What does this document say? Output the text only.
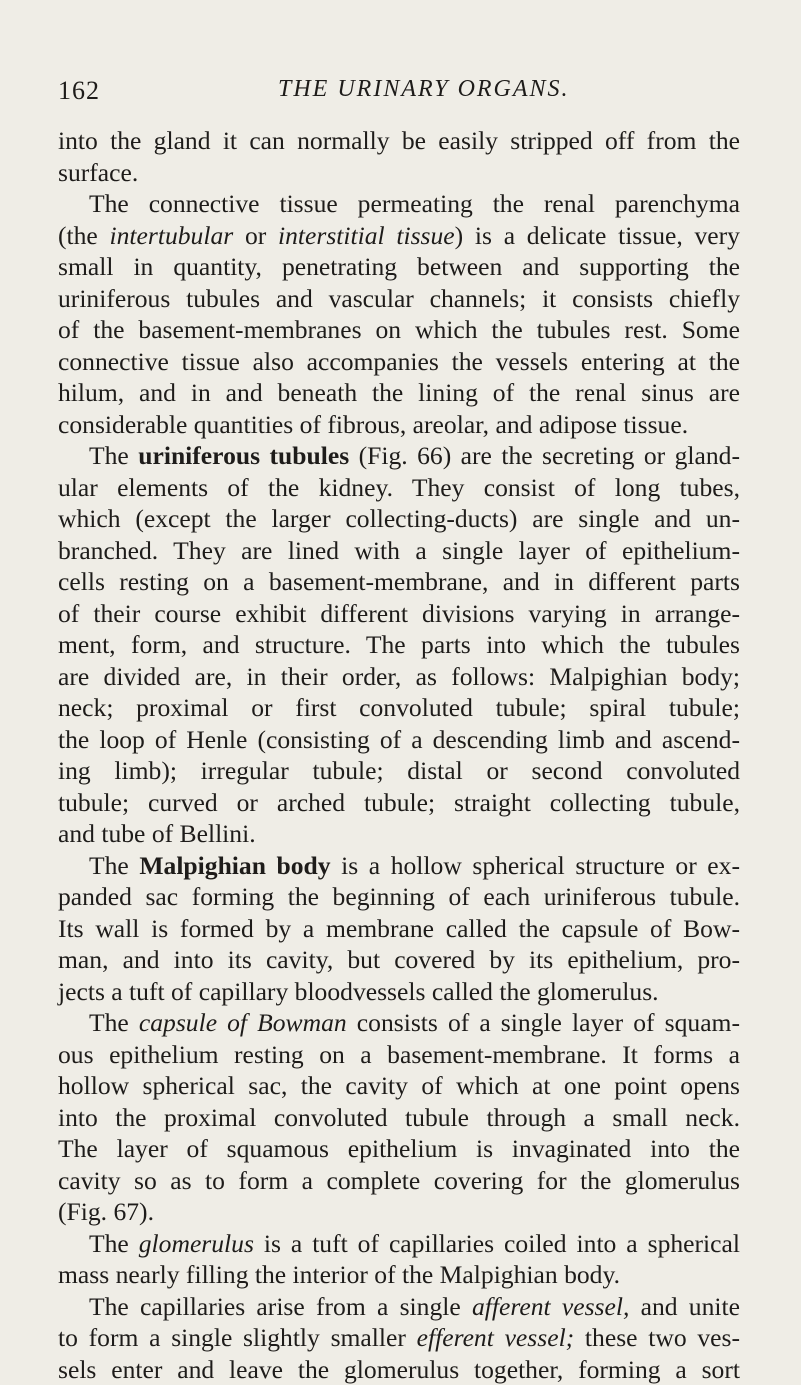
162	THE URINARY ORGANS.
into the gland it can normally be easily stripped off from the
surface.
The connective tissue permeating the renal parenchyma
(the intertubular or interstitial tissue) is a delicate tissue, very
small in quantity, penetrating between and supporting the
uriniferous tubules and vascular channels; it consists chiefly
of the basement-membranes on which the tubules rest. Some
connective tissue also accompanies the vessels entering at the
hilum, and in and beneath the lining of the renal sinus are
considerable quantities of fibrous, areolar, and adipose tissue.
The uriniferous tubules (Fig. 66) are the secreting or gland-
ular elements of the kidney. They consist of long tubes,
which (except the larger collecting-ducts) are single and un-
branched. They are lined with a single layer of epithelium-
cells resting on a basement-membrane, and in different parts
of their course exhibit different divisions varying in arrange-
ment, form, and structure. The parts into which the tubules
are divided are, in their order, as follows: Malpighian body;
neck; proximal or first convoluted tubule; spiral tubule;
the loop of Henle (consisting of a descending limb and ascend-
ing limb); irregular tubule; distal or second convoluted
tubule; curved or arched tubule; straight collecting tubule,
and tube of Bellini.
The Malpighian body is a hollow spherical structure or ex-
panded sac forming the beginning of each uriniferous tubule.
Its wall is formed by a membrane called the capsule of Bow-
man, and into its cavity, but covered by its epithelium, pro-
jects a tuft of capillary bloodvessels called the glomerulus.
The capsule of Bowman consists of a single layer of squam-
ous epithelium resting on a basement-membrane. It forms a
hollow spherical sac, the cavity of which at one point opens
into the proximal convoluted tubule through a small neck.
The layer of squamous epithelium is invaginated into the
cavity so as to form a complete covering for the glomerulus
(Fig. 67).
The glomerulus is a tuft of capillaries coiled into a spherical
mass nearly filling the interior of the Malpighian body.
The capillaries arise from a single afferent vessel, and unite
to form a single slightly smaller efferent vessel; these two ves-
sels enter and leave the glomerulus together, forming a sort
